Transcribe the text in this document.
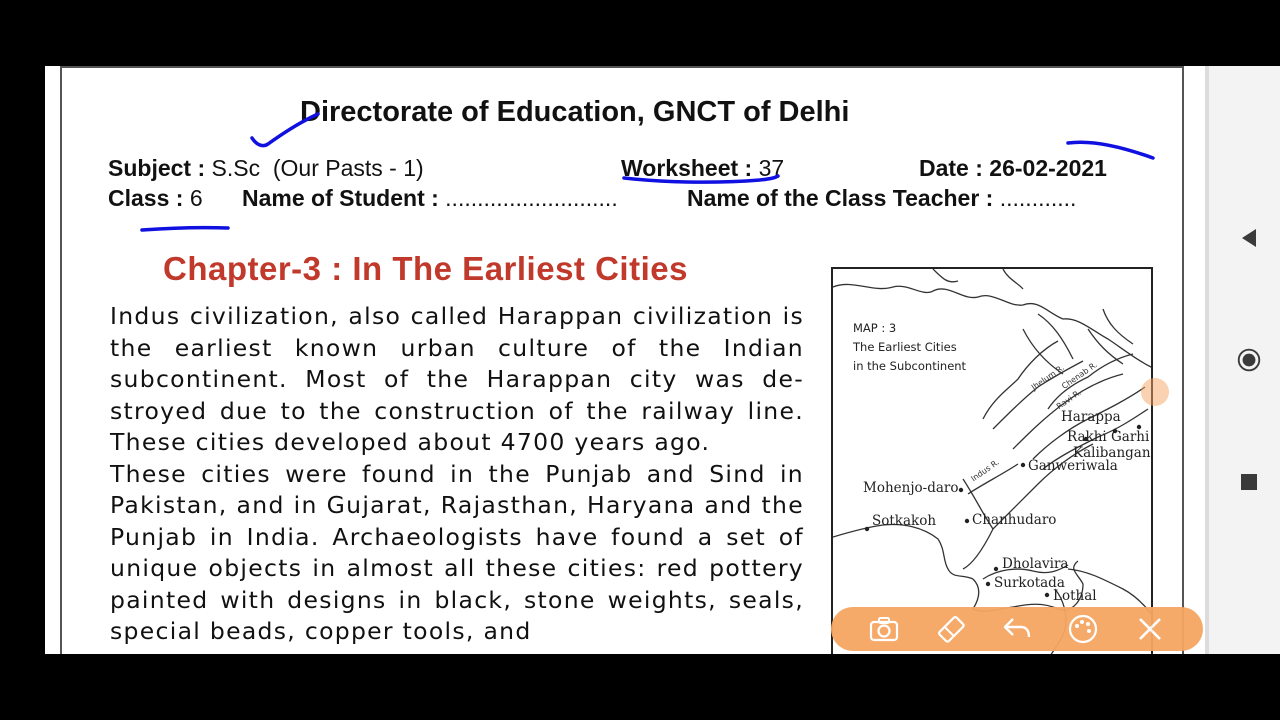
Directorate of Education, GNCT of Delhi
Subject : S.Sc  (Our Pasts - 1)	Worksheet : 37	Date : 26-02-2021
Class : 6 Name of Student : ...........................	Name of the Class Teacher : ............
Chapter-3 : In The Earliest Cities

Indus civilization, also called Harappan civilization is the earliest known urban culture of the Indian subcontinent. Most of the Harappan city was de-stroyed due to the construction of the railway line. These cities developed about 4700 years ago.

These cities were found in the Punjab and Sind in Pakistan, and in Gujarat, Rajasthan, Haryana and the Punjab in India. Archaeologists have found a set of unique objects in almost all these cities: red pottery painted with designs in black, stone weights, seals, special beads, copper tools, and

MAP : 3
The Earliest Cities
in the Subcontinent	Jhelum R.
Chenab R.
Ravi R.
Indus R.
Harappa
Rakhi Garhi
Kalibangan
Ganweriwala
Mohenjo-daro
Sotkakoh	Chanhudaro
Dholavira
Surkotada
Lothal
